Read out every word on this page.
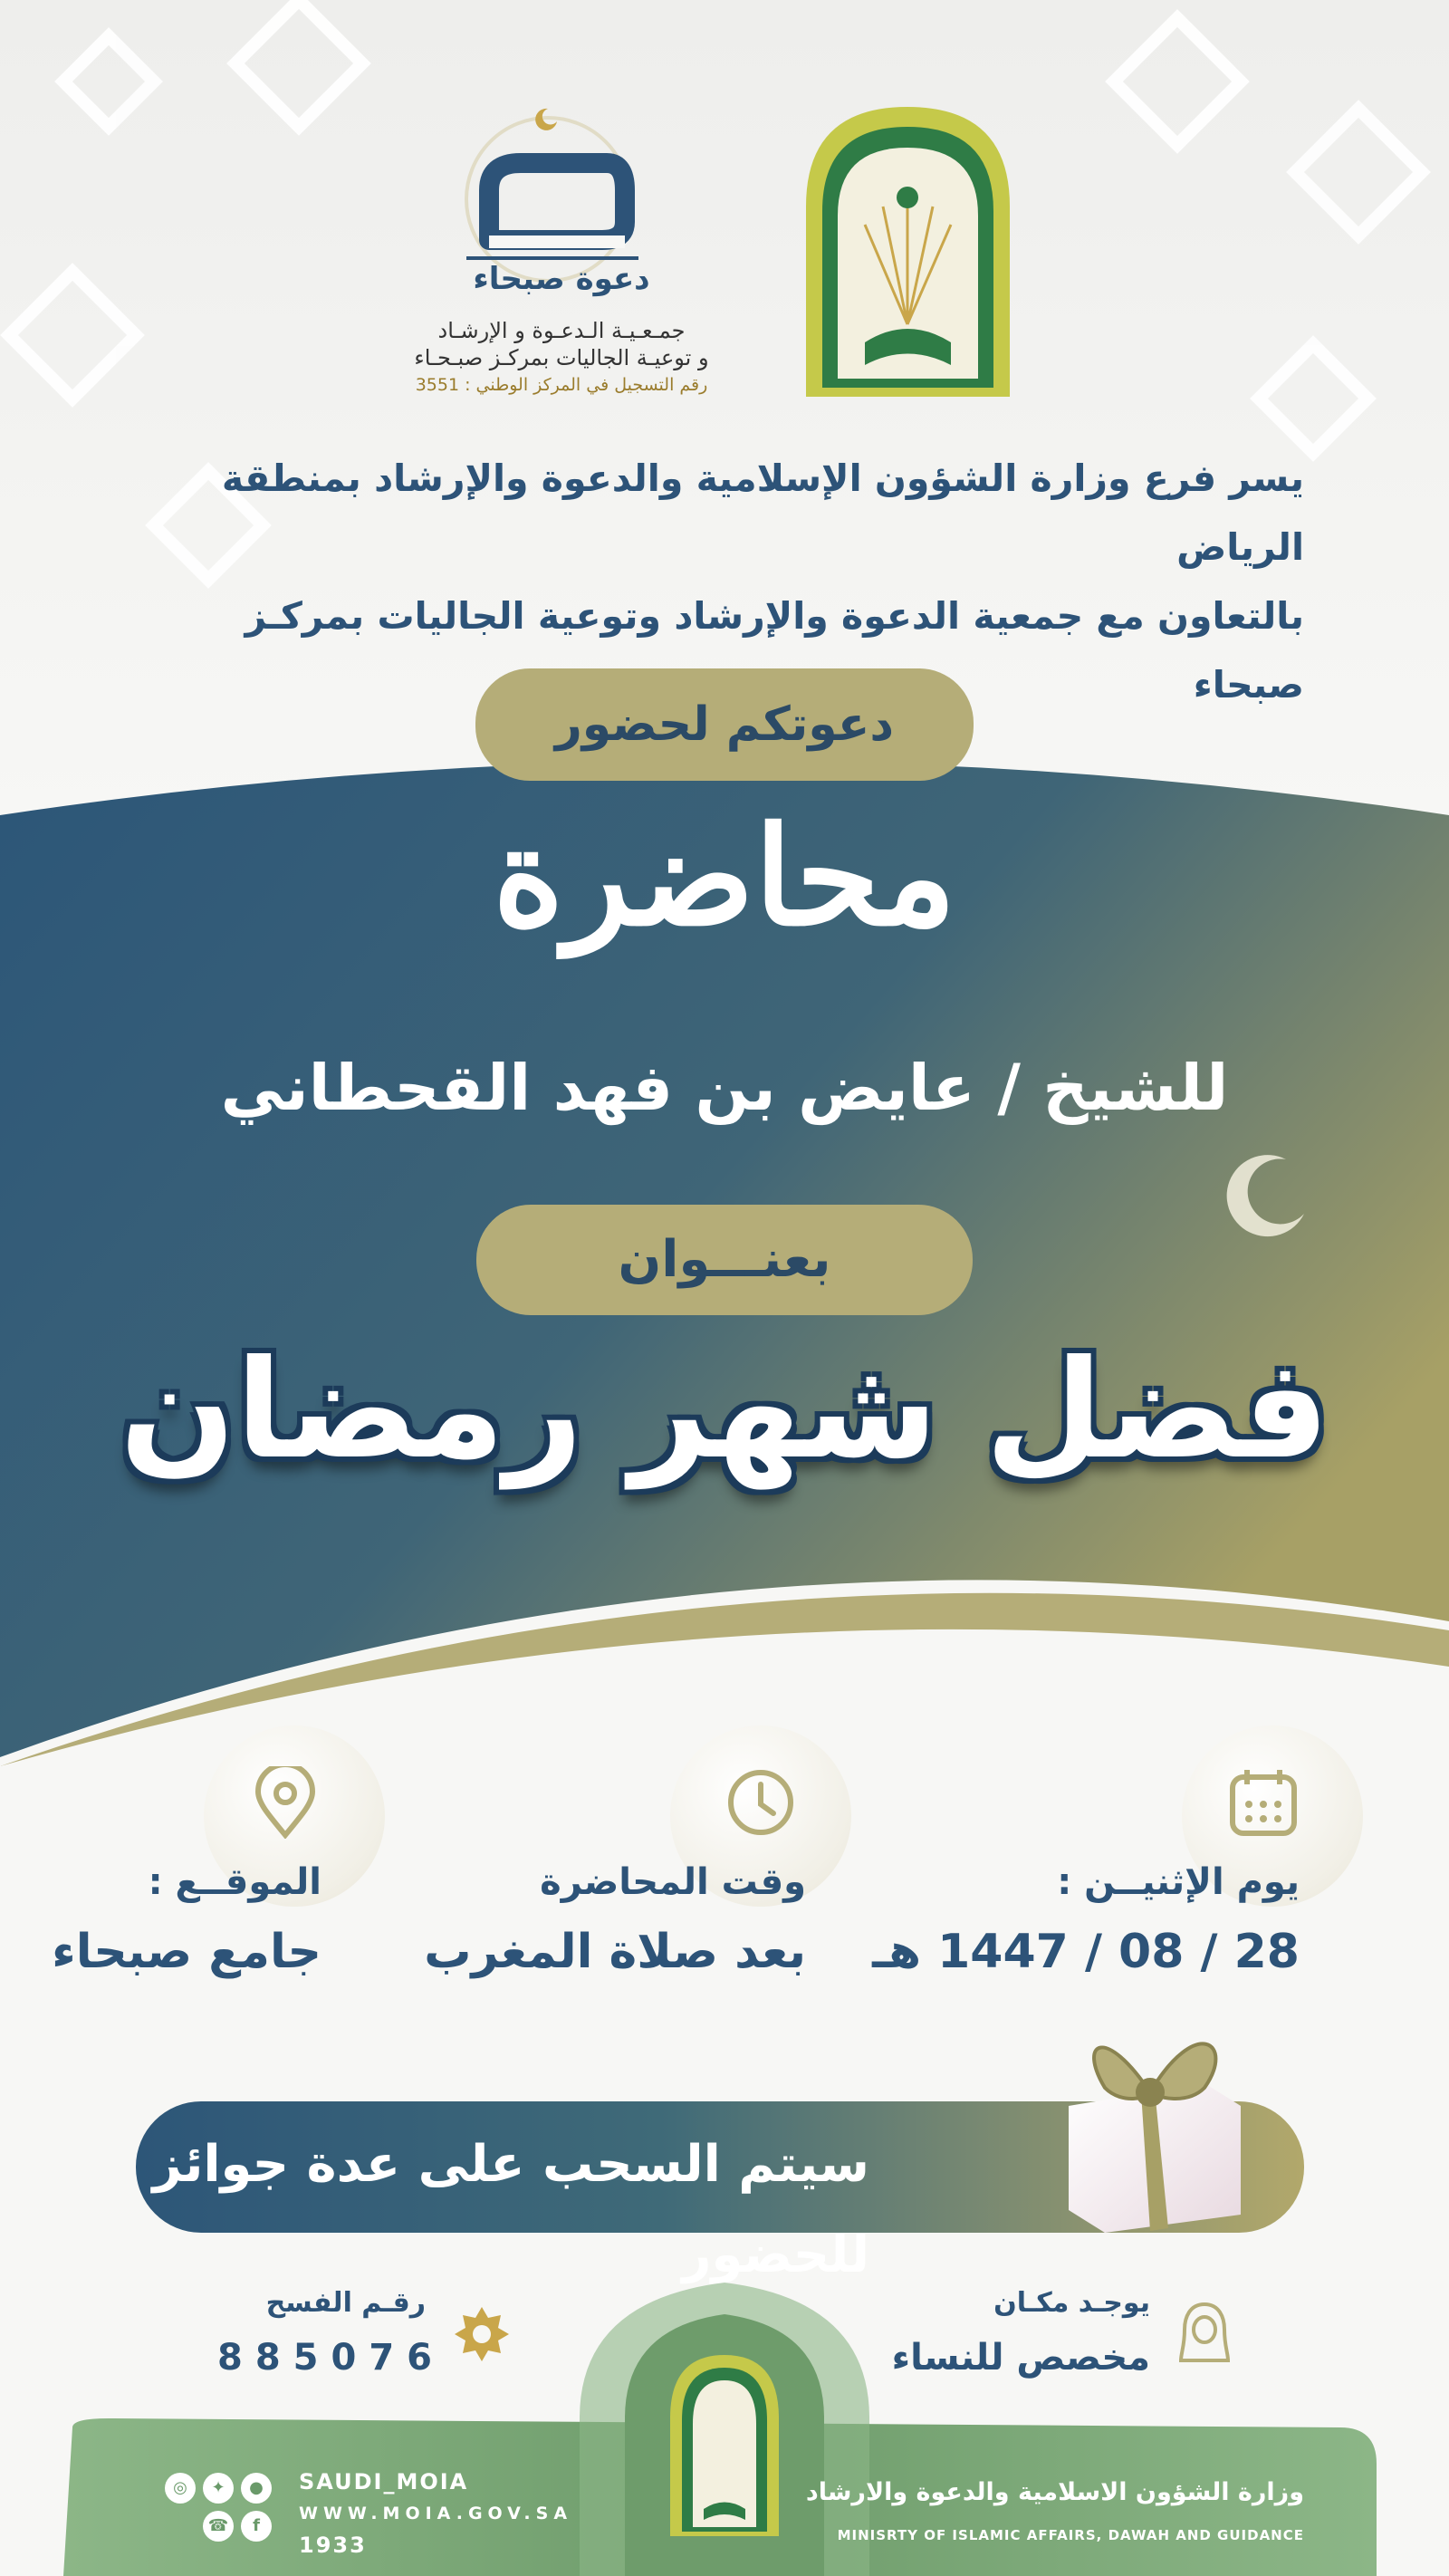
دعوة صبحاء
جمـعـيـة الـدعـوة و الإرشـاد
و توعيـة الجاليات بمركـز صبـحـاء
رقم التسجيل في المركز الوطني : 3551
يسر فرع وزارة الشؤون الإسلامية والدعوة والإرشاد بمنطقة الرياض
بالتعاون مع جمعية الدعوة والإرشاد وتوعية الجاليات بمركـز صبحاء
دعوتكم لحضور
محاضرة
للشيخ / عايض بن فهد القحطاني
بعنـــوان
فضل شهر رمضان
يوم الإثنيــن :
28 / 08 / 1447 هـ
وقت المحاضرة
بعد صلاة المغرب
الموقــع :
جامع صبحاء
سيتم السحب على عدة جوائز للحضور
يوجـد مكـان
مخصص للنساء
رقـم الفسح
885076
وزارة الشؤون الاسلامية والدعوة والارشاد
MINISRTY OF ISLAMIC AFFAIRS, DAWAH AND GUIDANCE
●
✦
◎
f
☎
SAUDI_MOIA
WWW.MOIA.GOV.SA
1933
